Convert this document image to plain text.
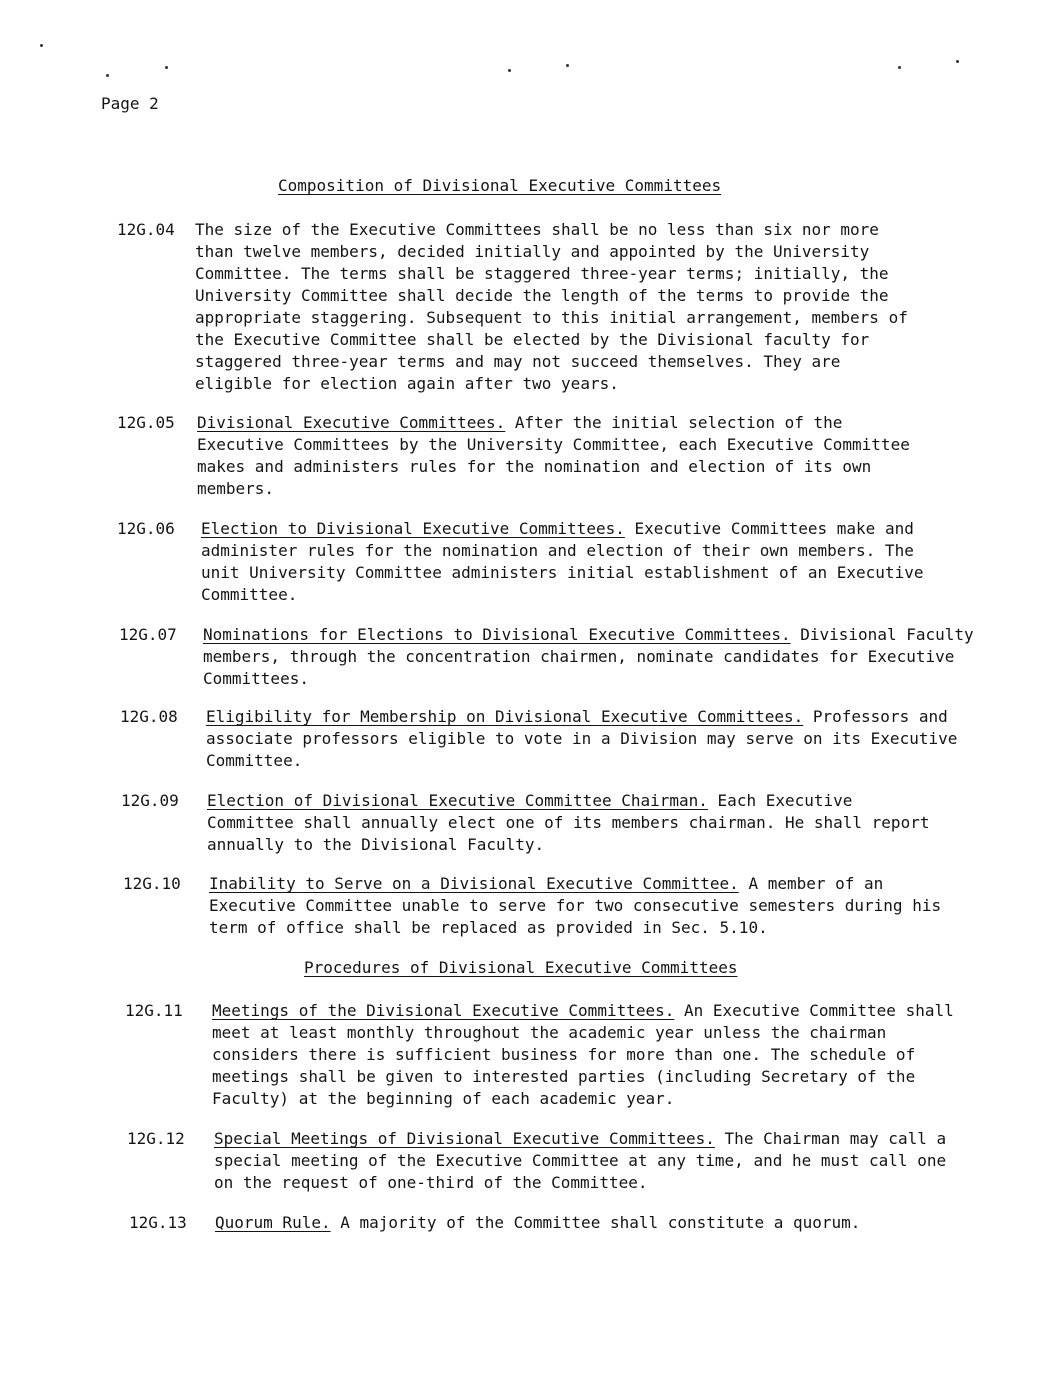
Page 2
Composition of Divisional Executive Committees
12G.04 The size of the Executive Committees shall be no less than six nor more than twelve members, decided initially and appointed by the University Committee. The terms shall be staggered three-year terms; initially, the University Committee shall decide the length of the terms to provide the appropriate staggering. Subsequent to this initial arrangement, members of the Executive Committee shall be elected by the Divisional faculty for staggered three-year terms and may not succeed themselves. They are eligible for election again after two years.
12G.05 Divisional Executive Committees. After the initial selection of the Executive Committees by the University Committee, each Executive Committee makes and administers rules for the nomination and election of its own members.
12G.06 Election to Divisional Executive Committees. Executive Committees make and administer rules for the nomination and election of their own members. The unit University Committee administers initial establishment of an Executive Committee.
12G.07 Nominations for Elections to Divisional Executive Committees. Divisional Faculty members, through the concentration chairmen, nominate candidates for Executive Committees.
12G.08 Eligibility for Membership on Divisional Executive Committees. Professors and associate professors eligible to vote in a Division may serve on its Executive Committee.
12G.09 Election of Divisional Executive Committee Chairman. Each Executive Committee shall annually elect one of its members chairman. He shall report annually to the Divisional Faculty.
12G.10 Inability to Serve on a Divisional Executive Committee. A member of an Executive Committee unable to serve for two consecutive semesters during his term of office shall be replaced as provided in Sec. 5.10.
Procedures of Divisional Executive Committees
12G.11 Meetings of the Divisional Executive Committees. An Executive Committee shall meet at least monthly throughout the academic year unless the chairman considers there is sufficient business for more than one. The schedule of meetings shall be given to interested parties (including Secretary of the Faculty) at the beginning of each academic year.
12G.12 Special Meetings of Divisional Executive Committees. The Chairman may call a special meeting of the Executive Committee at any time, and he must call one on the request of one-third of the Committee.
12G.13 Quorum Rule. A majority of the Committee shall constitute a quorum.
